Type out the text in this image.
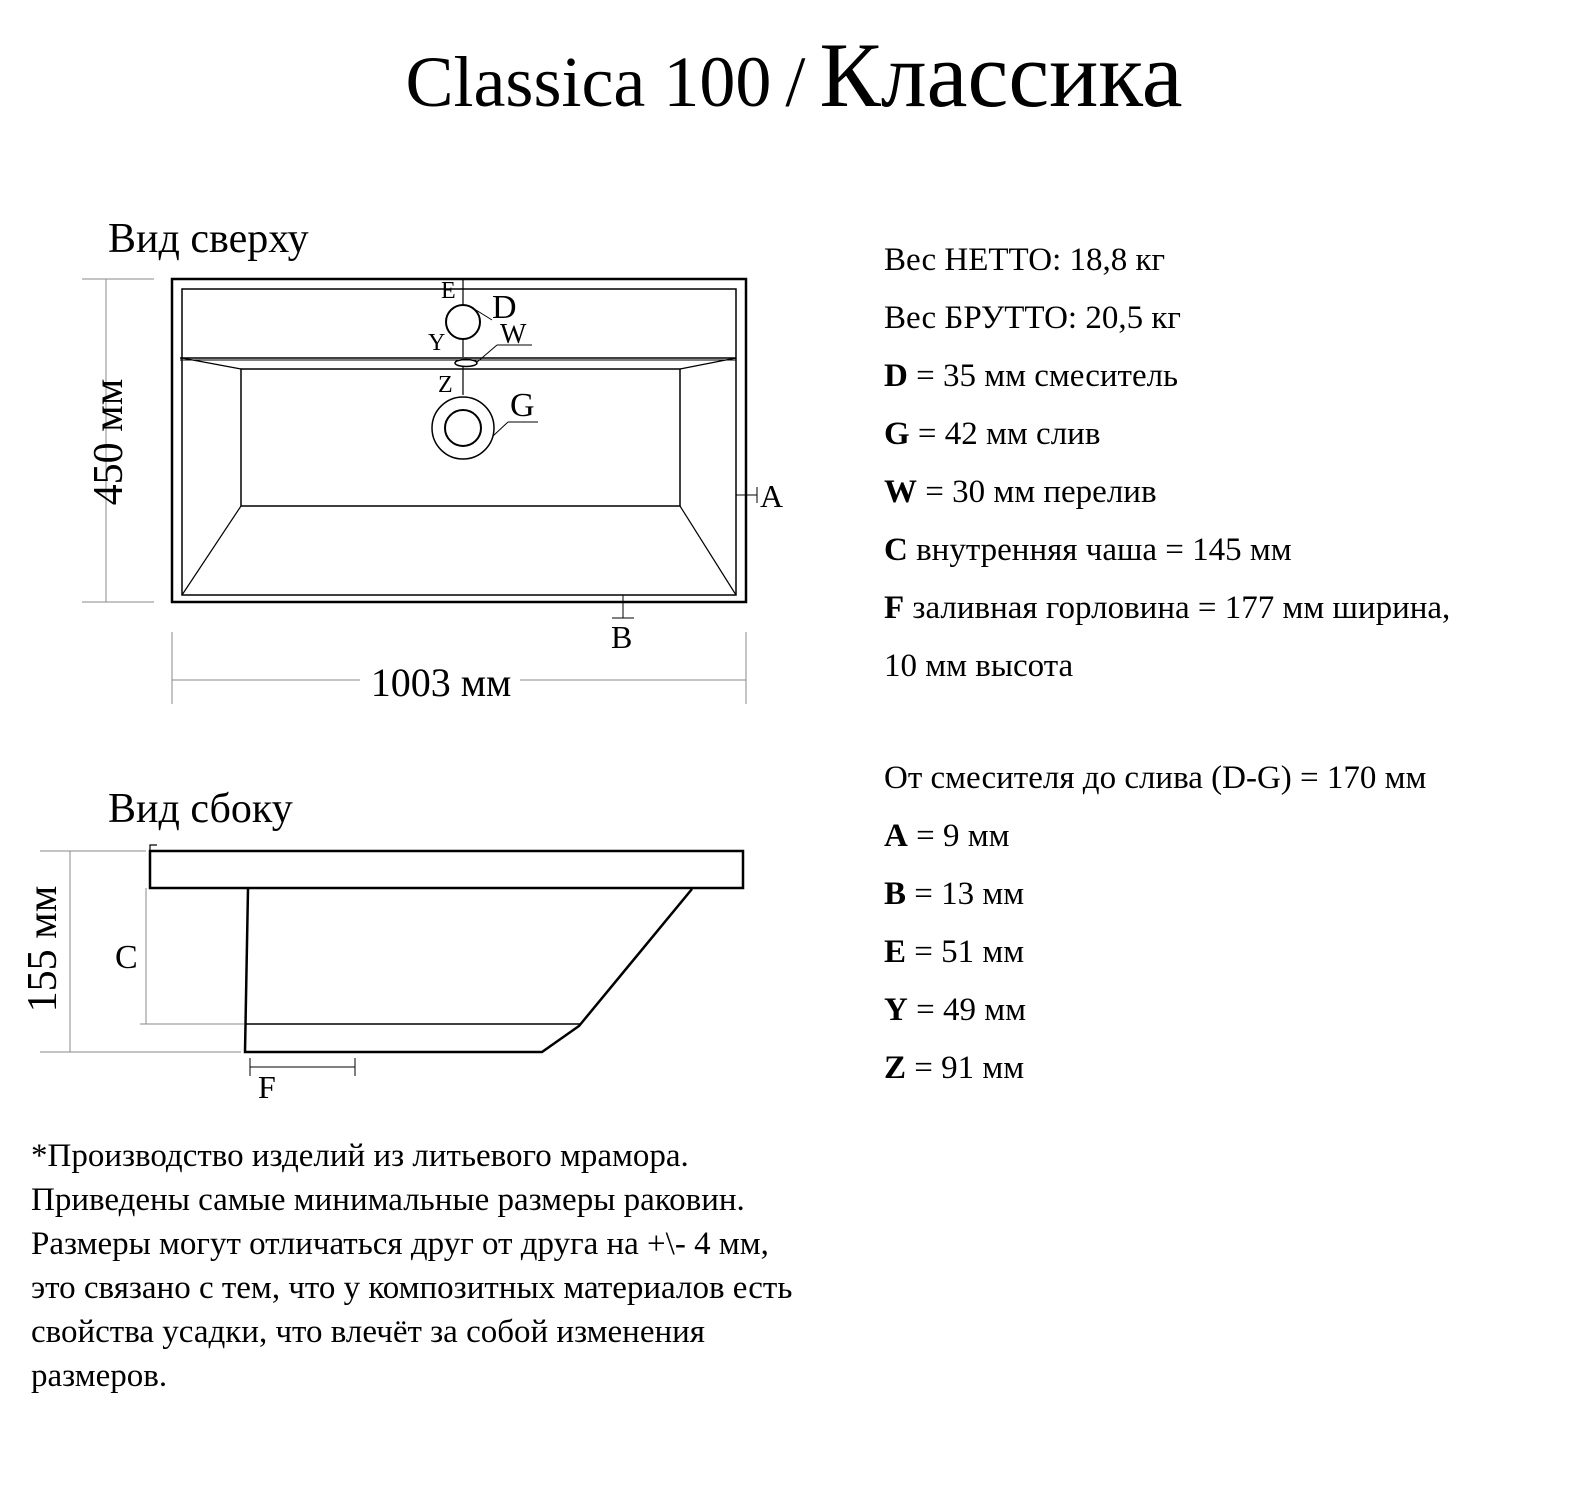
Classica 100 / Классика
Вид сверху
E D
Y W
Z
G
A
B
450 мм
1003 мм
Вид сбоку
155 мм C
F
Вес НЕТТО: 18,8 кг
Вес БРУТТО: 20,5 кг
D = 35 мм смеситель
G = 42 мм слив
W = 30 мм перелив
C внутренняя чаша = 145 мм
F заливная горловина = 177 мм ширина,
10 мм высота
От смесителя до слива (D-G) = 170 мм
A = 9 мм
B = 13 мм
E = 51 мм
Y = 49 мм
Z = 91 мм
*Производство изделий из литьевого мрамора.
Приведены самые минимальные размеры раковин.
Размеры могут отличаться друг от друга на +\- 4 мм,
это связано с тем, что у композитных материалов есть
свойства усадки, что влечёт за собой изменения
размеров.
